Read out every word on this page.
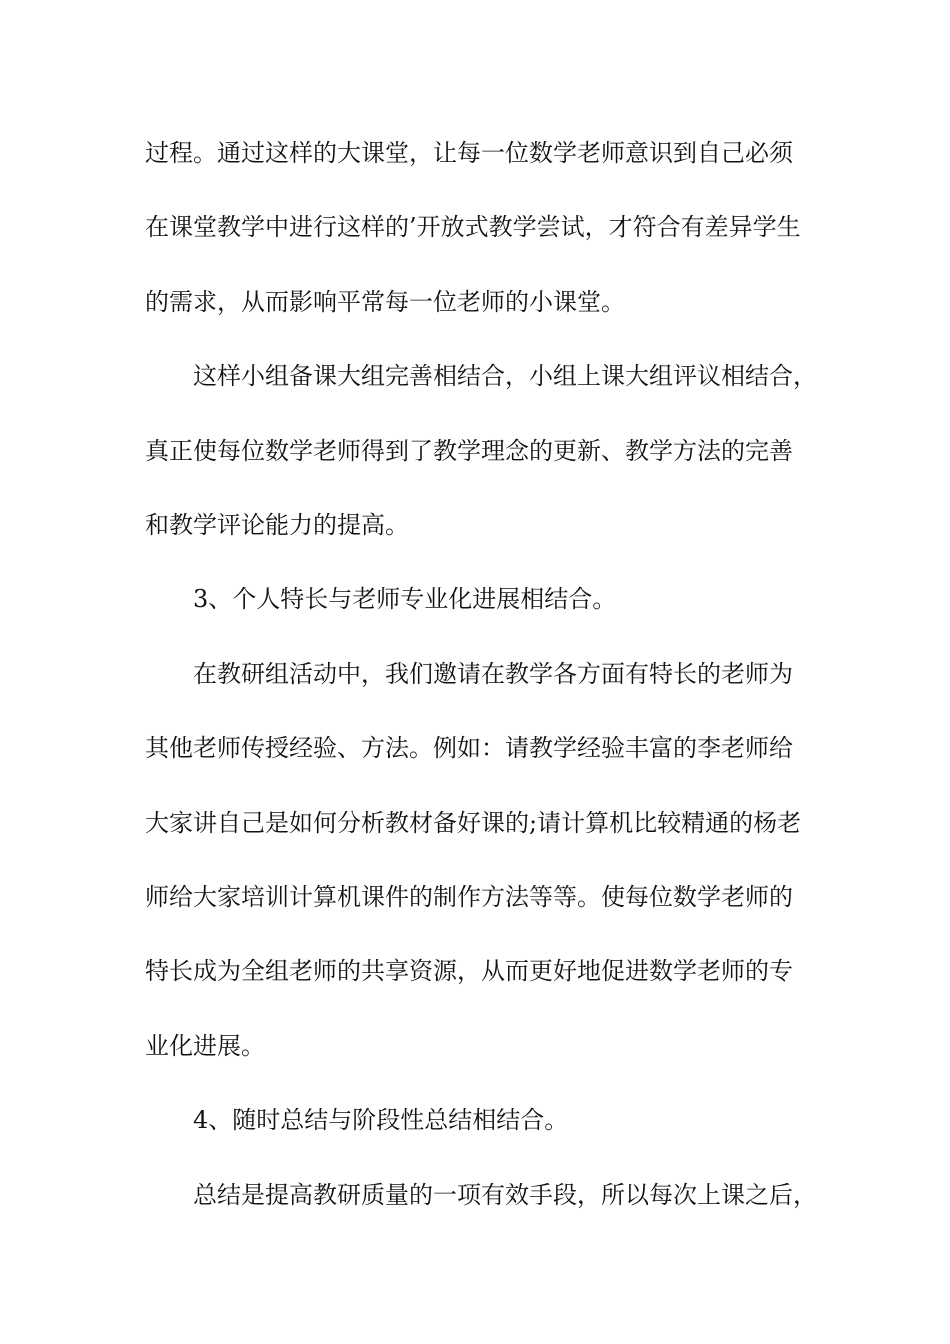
过程。通过这样的大课堂，让每一位数学老师意识到自己必须
在课堂教学中进行这样的’开放式教学尝试，才符合有差异学生
的需求，从而影响平常每一位老师的小课堂。
这样小组备课大组完善相结合，小组上课大组评议相结合，
真正使每位数学老师得到了教学理念的更新、教学方法的完善
和教学评论能力的提高。
3、个人特长与老师专业化进展相结合。
在教研组活动中，我们邀请在教学各方面有特长的老师为
其他老师传授经验、方法。例如：请教学经验丰富的李老师给
大家讲自己是如何分析教材备好课的;请计算机比较精通的杨老
师给大家培训计算机课件的制作方法等等。使每位数学老师的
特长成为全组老师的共享资源，从而更好地促进数学老师的专
业化进展。
4、随时总结与阶段性总结相结合。
总结是提高教研质量的一项有效手段，所以每次上课之后，
